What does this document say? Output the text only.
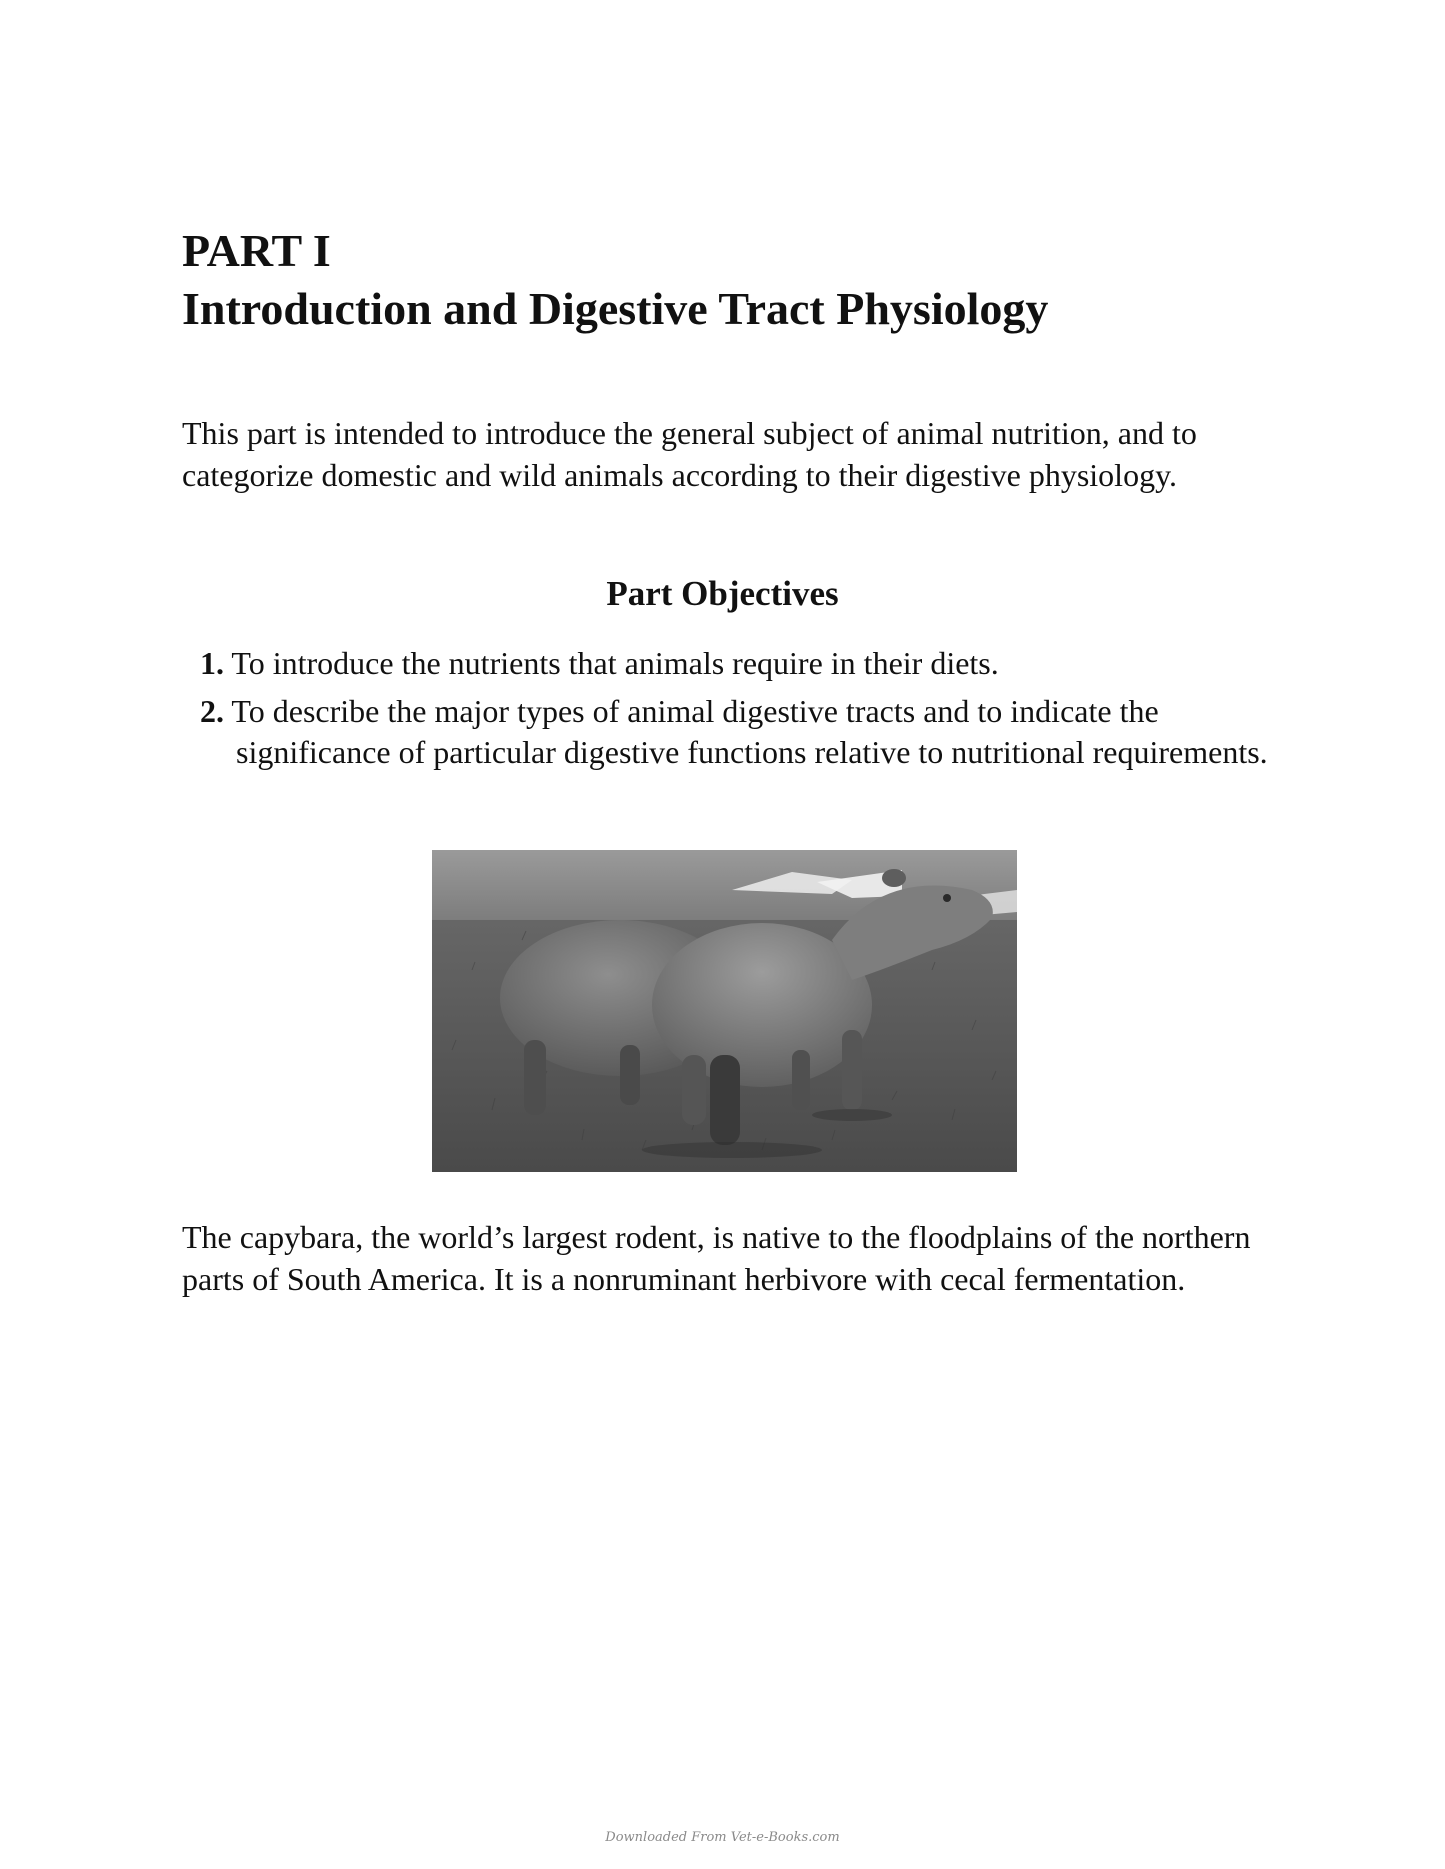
PART I
Introduction and Digestive Tract Physiology

This part is intended to introduce the general subject of animal nutrition, and to categorize domestic and wild animals according to their digestive physiology.

Part Objectives
1. To introduce the nutrients that animals require in their diets.
2. To describe the major types of animal digestive tracts and to indicate the significance of particular digestive functions relative to nutritional requirements.

The capybara, the world’s largest rodent, is native to the floodplains of the northern parts of South America. It is a nonruminant herbivore with cecal fermentation.

Downloaded From Vet-e-Books.com
